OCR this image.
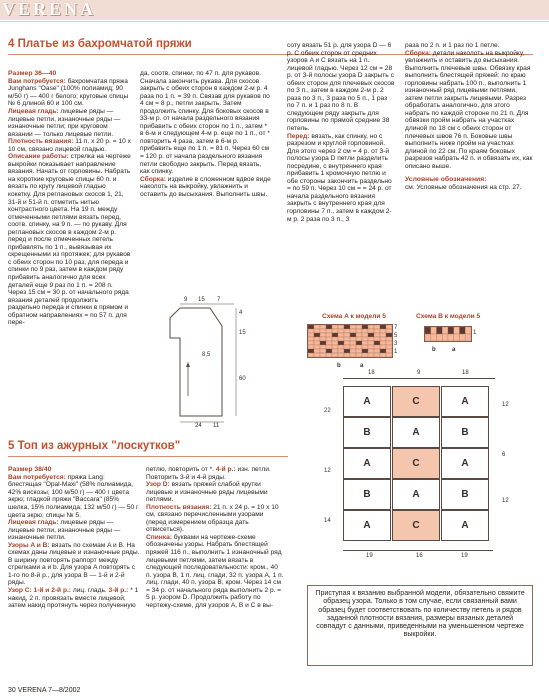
VERENA
4 Платье из бахромчатой пряжи
Размер 36—40

Вам потребуется: бахромчатая пряжа Junghans "Oase" (100% полиамид; 90 м/50 г) — 400 г белого; круговые спицы № 6 длиной 60 и 100 см.
Лицевая гладь: лицевые ряды — лицевые петли, изнаночные ряды — изнаночные петли; при круговом вязании — только лицевые петли.
Плотность вязания: 11 п. х 20 р. = 10 х 10 см, связано лицевой гладью.
Описание работы: стрелка на чертеже выкройки показывает направление вязания. Начать от горловины. Набрать на короткие круговые спицы 60 п. и вязать по кругу лицевой гладью кокетку. Для реглановых скосов 1, 21, 31-й и 51-й п. отметить нитью контрастного цвета. На 19 п. между отмеченными петлями вязать перед, соотв. спинку, на 9 п. — по рукаву. Для реглановых скосов в каждом 2-м р. перед и после отмеченных петель прибавлять по 1 п., вывязывая их скрещенными из протяжек; для рукавов с обеих сторон по 10 раз, для переда и спинки по 9 раз, затем в каждом ряду прибавить аналогично для всех деталей еще 9 раз по 1 п. = 208 п. Через 15 см = 30 р. от начального ряда вязания деталей продолжить раздельно переда и спинки в прямом и обратном направлениях = по 57 п. для пере-

да, соотв. спинки, по 47 п. для рукавов. Сначала закончить рукава. Для скосов закрыть с обеих сторон в каждом 2-м р. 4 раза по 1 п. = 39 п. Связав для рукавов по 4 см = 8 р., петли закрыть. Затем продолжить спинку. Для боковых скосов в 33-м р. от начала раздельного вязания прибавить с обеих сторон по 1 п., затем * в 6-м и следующем 4-м р. еще по 1 п., от * повторить 4 раза, затем в 6-м р. прибавить еще по 1 п. = 81 п. Через 60 см = 120 р. от начала раздельного вязания петли свободно закрыть. Перед вязать, как спинку.
Сборка: изделие в сложенном вдвое виде наколоть на выкройку, увлажнить и оставить до высыхания. Выполнить швы.

соту вязать 51 р. для узора D — 6 р. С обеих сторон от средних узоров A и C вязать на 1 п. лицевой гладью. Через 12 см = 28 р. от 3-й полосы узора D закрыть с обеих сторон для плечевых скосов по 3 п., затем в каждом 2-м р. 2 раза по 3 п., 3 раза по 5 п., 1 раз по 7 п. и 1 раз по 8 п. В следующем ряду закрыть для горловины по прямой средние 38 петель.
Перед: вязать, как спинку, но с разрезом и круглой горловиной. Для этого через 2 см = 4 р. от 3-й полосы узора D петли разделить посредине, с внутреннего края прибавить 1 кромочную петлю и обе стороны закончить раздельно = по 59 п. Через 10 см = = 24 р. от начала раздельного вязания закрыть с внутреннего края для горловины 7 п., затем в каждом 2-м р. 2 раза по 3 п., 3

раза по 2 п. и 1 раз по 1 петле.
Сборка: детали наколоть на выкройку, увлажнить и оставить до высыхания. Выполнить плечевые швы. Обвязку края выполнить блестящей пряжей: по краю горловины набрать 100 п., выполнить 1 изнаночный ряд лицевыми петлями, затем петли закрыть лицевыми. Разрез обработать аналогично, для этого набрать по каждой стороне по 21 п. Для обвязки пройм набрать на участках длиной по 18 см с обеих сторон от плечевых швов 76 п. Боковые швы выполнить ниже пройм на участках длиной по 22 см. По краям боковых разрезов набрать 42 п. и обвязать их, как описано выше.

Условные обозначения:
см. Условные обозначения на стр. 27.
9 15 7
4
15
60
8,5
24 11
5 Топ из ажурных "лоскутков"
Размер 38/40

Вам потребуется: пряжа Lang: блестящая "Opal-Maxi" (58% полиамида, 42% вискозы; 100 м/50 г) — 400 г цвета экрю; гладкой пряжи "Baccara" (85% шелка, 15% полиамида; 132 м/50 г) — 50 г цвета экрю; спицы № 5.
Лицевая гладь: лицевые ряды — лицевые петли, изнаночные ряды — изнаночные петли.
Узоры A и B: вязать по схемам A и B. На схемах даны лицевые и изнаночные ряды. В ширину повторять раппорт между стрелками a и b. Для узора A повторять с 1-го по 8-й р., для узора B — 1-й и 2-й ряды.
Узор C: 1-й и 2-й р.: лиц. гладь. 3-й р.: * 1 накид, 2 п. провязать вместе лицевой, затем накид протянуть через полученную

петлю, повторить от *. 4-й р.: изн. петли. Повторить 3-й и 4-й ряды.
Узор D: вязать пряжей слабой крутки лицевые и изнаночные ряды лицевыми петлями.
Плотность вязания: 21 п. х 24 р. = 10 х 10 см, связано перечисленными узорами (перед измерением образца дать отвисеться).
Спинка: буквами на чертеже-схеме обозначены узоры. Набрать блестящей пряжей 116 п., выполнить 1 изнаночный ряд лицевыми петлями, затем вязать в следующей последовательности: кром., 40 п. узора B, 1 п. лиц. глади, 32 п. узора A, 1 п. лиц. глади, 40 п. узора B, кром. Через 14 см = 34 р. от начального ряда выполнить 2 р. = 5 р. узором D. Продолжить работу по чертежу-схеме, для узоров A, B и C в вы-

Схема A к модели 5
7
5
3
1
b	a
Схема B к модели 5
1
b	a
18	9	18
A	C	A
B	A	B
A	C	A
B	A	B
A	C	A
22
12
14
12
6
12
19	16	19

Приступая к вязанию выбранной модели, обязательно свяжите образец узора. Только в том случае, если связанный вами образец будет соответствовать по количеству петель и рядов заданной плотности вязания, размеры вязаных деталей совпадут с данными, приведенными на уменьшенном чертеже выкройки.

30 VERENA 7—8/2002
